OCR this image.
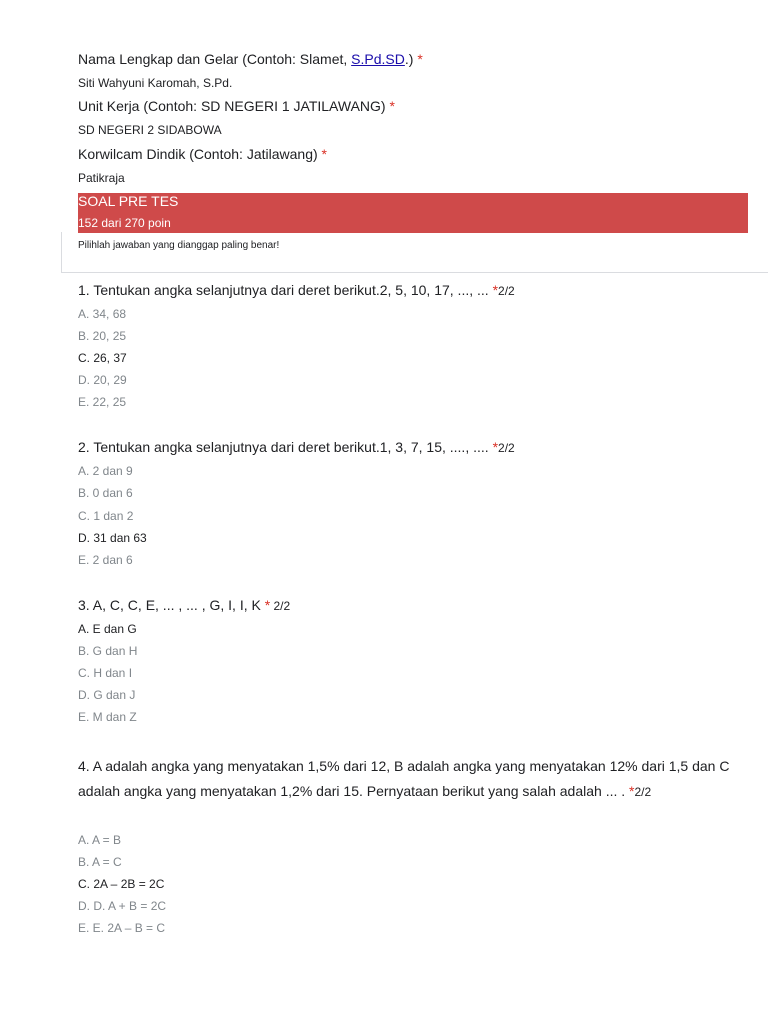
Nama Lengkap dan Gelar (Contoh: Slamet, S.Pd.SD.) *
Siti Wahyuni Karomah, S.Pd.
Unit Kerja (Contoh: SD NEGERI 1 JATILAWANG) *
SD NEGERI 2 SIDABOWA
Korwilcam Dindik (Contoh: Jatilawang) *
Patikraja
SOAL PRE TES
152 dari 270 poin
Pilihlah jawaban yang dianggap paling benar!
1. Tentukan angka selanjutnya dari deret berikut.2, 5, 10, 17, ..., ... *2/2
A. 34, 68
B. 20, 25
C. 26, 37
D. 20, 29
E. 22, 25
2. Tentukan angka selanjutnya dari deret berikut.1, 3, 7, 15, ...., .... *2/2
A. 2 dan 9
B. 0 dan 6
C. 1 dan 2
D. 31 dan 63
E. 2 dan 6
3. A, C, C, E, ... , ... , G, I, I, K * 2/2
A. E dan G
B. G dan H
C. H dan I
D. G dan J
E. M dan Z
4. A adalah angka yang menyatakan 1,5% dari 12, B adalah angka yang menyatakan 12% dari 1,5 dan C adalah angka yang menyatakan 1,2% dari 15. Pernyataan berikut yang salah adalah ... . *2/2
A. A = B
B. A = C
C. 2A – 2B = 2C
D. D. A + B = 2C
E. E. 2A – B = C
